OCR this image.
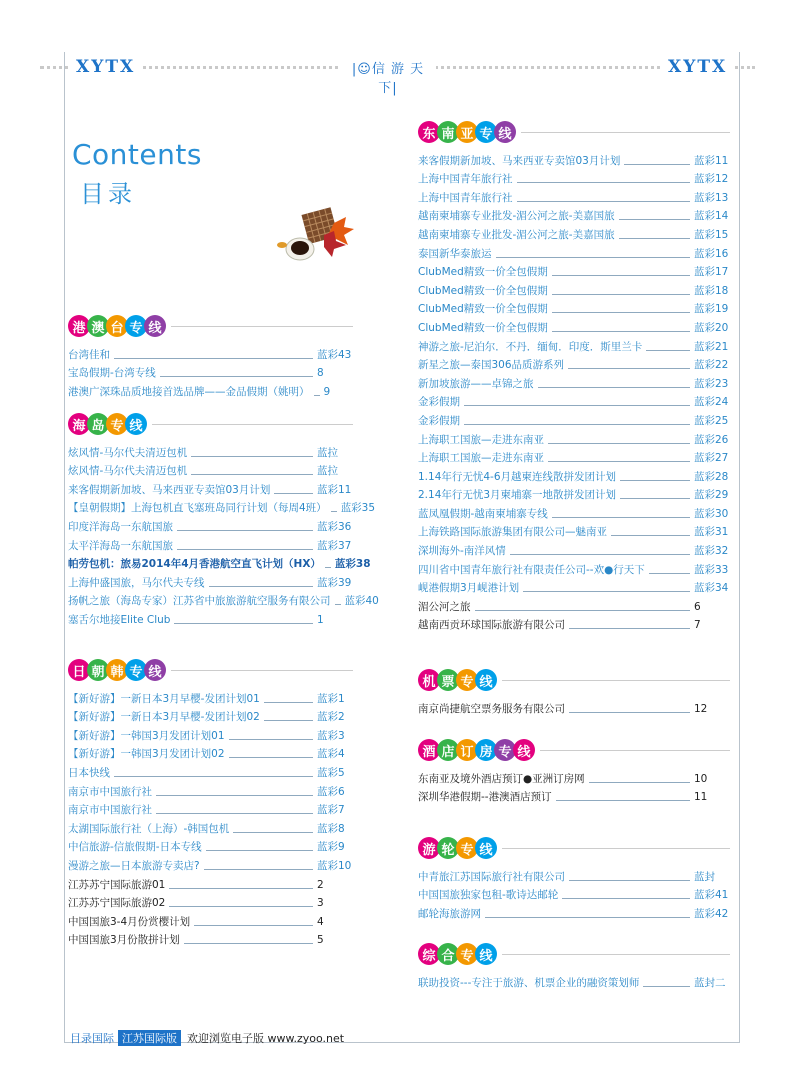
XYTX	XYTX
|☺信 游 天 下|
Contents
目录
港 澳 台 专 线
台湾佳和	蓝彩43
宝岛假期-台湾专线	8
港澳广深珠品质地接首选品牌——金品假期（姚明） 9
海 岛 专 线
炫风情-马尔代夫清迈包机	蓝拉
炫风情-马尔代夫清迈包机	蓝拉
来客假期新加坡、马来西亚专卖馆03月计划	蓝彩11
【皇朝假期】上海包机直飞塞班岛同行计划（每周4班） 蓝彩35
印度洋海岛一东航国旅	蓝彩36
太平洋海岛一东航国旅	蓝彩37
帕劳包机：旅易2014年4月香港航空直飞计划（HX） 蓝彩38
上海仲盛国旅，马尔代夫专线	蓝彩39
扬帆之旅（海岛专家）江苏省中旅旅游航空服务有限公司 蓝彩40
塞舌尔地接Elite Club	1
日 朝 韩 专 线
【新好游】一新日本3月早樱-发团计划01	蓝彩1
【新好游】一新日本3月早樱-发团计划02	蓝彩2
【新好游】一韩国3月发团计划01	蓝彩3
【新好游】一韩国3月发团计划02	蓝彩4
日本快线	蓝彩5
南京市中国旅行社	蓝彩6
南京市中国旅行社	蓝彩7
太湖国际旅行社（上海）-韩国包机	蓝彩8
中信旅游-信旅假期-日本专线	蓝彩9
漫游之旅—日本旅游专卖店?	蓝彩10
江苏苏宁国际旅游01	2
江苏苏宁国际旅游02	3
中国国旅3-4月份赏樱计划	4
中国国旅3月份散拼计划	5
东 南 亚 专 线
来客假期新加坡、马来西亚专卖馆03月计划	蓝彩11
上海中国青年旅行社	蓝彩12
上海中国青年旅行社	蓝彩13
越南柬埔寨专业批发-湄公河之旅-美嘉国旅	蓝彩14
越南柬埔寨专业批发-湄公河之旅-美嘉国旅	蓝彩15
泰国新华泰旅运	蓝彩16
ClubMed精致一价全包假期	蓝彩17
ClubMed精致一价全包假期	蓝彩18
ClubMed精致一价全包假期	蓝彩19
ClubMed精致一价全包假期	蓝彩20
神游之旅-尼泊尔．不丹．缅甸．印度．斯里兰卡	蓝彩21
新星之旅—泰国306品质游系列	蓝彩22
新加坡旅游——卓锦之旅	蓝彩23
金彩假期	蓝彩24
金彩假期	蓝彩25
上海职工国旅—走进东南亚	蓝彩26
上海职工国旅—走进东南亚	蓝彩27
1.14年行无忧4-6月越柬连线散拼发团计划	蓝彩28
2.14年行无忧3月柬埔寨一地散拼发团计划	蓝彩29
蓝凤凰假期-越南柬埔寨专线	蓝彩30
上海铁路国际旅游集团有限公司—魅南亚	蓝彩31
深圳海外-南洋风情	蓝彩32
四川省中国青年旅行社有限责任公司--欢●行天下	蓝彩33
岘港假期3月岘港计划	蓝彩34
湄公河之旅	6
越南西贡环球国际旅游有限公司	7
机 票 专 线
南京尚捷航空票务服务有限公司	12
酒 店 订 房 专 线
东南亚及境外酒店预订●亚洲订房网	10
深圳华港假期--港澳酒店预订	11
游 轮 专 线
中青旅江苏国际旅行社有限公司	蓝封
中国国旅独家包租-歌诗达邮轮	蓝彩41
邮轮海旅游网	蓝彩42
综 合 专 线
联助投资---专注于旅游、机票企业的融资策划师	蓝封二
目录国际 江苏国际版 欢迎浏览电子版 www.zyoo.net
